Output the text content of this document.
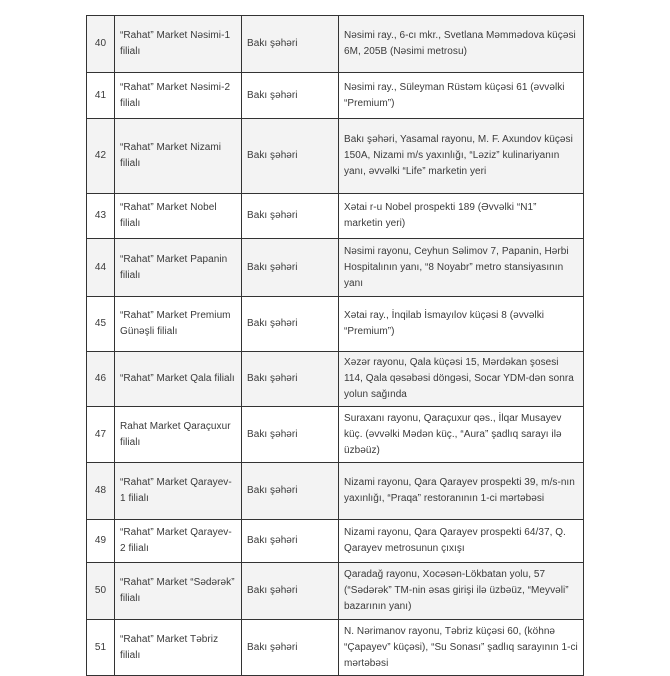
40	“Rahat” Market Nəsimi-1 filialı	Bakı şəhəri	Nəsimi ray., 6-cı mkr., Svetlana Məmmədova küçəsi 6M, 205B (Nəsimi metrosu)
41	“Rahat” Market Nəsimi-2 filialı	Bakı şəhəri	Nəsimi ray., Süleyman Rüstəm küçəsi 61 (əvvəlki “Premium”)
42	“Rahat” Market Nizami filialı	Bakı şəhəri	Bakı şəhəri, Yasamal rayonu, M. F. Axundov küçəsi 150A, Nizami m/s yaxınlığı, “Ləziz” kulinariyanın yanı, əvvəlki “Life” marketin yeri
43	“Rahat” Market Nobel filialı	Bakı şəhəri	Xətai r-u Nobel prospekti 189 (Əvvəlki “N1” marketin yeri)
44	“Rahat” Market Papanin filialı	Bakı şəhəri	Nəsimi rayonu, Ceyhun Səlimov 7, Papanin, Hərbi Hospitalının yanı, “8 Noyabr” metro stansiyasının yanı
45	“Rahat” Market Premium Günəşli filialı	Bakı şəhəri	Xətai ray., İnqilab İsmayılov küçəsi 8 (əvvəlki “Premium”)
46	“Rahat” Market Qala filialı	Bakı şəhəri	Xəzər rayonu, Qala küçəsi 15, Mərdəkan şosesi 114, Qala qəsəbəsi döngəsi, Socar YDM-dən sonra yolun sağında
47	Rahat Market Qaraçuxur filialı	Bakı şəhəri	Suraxanı rayonu, Qaraçuxur qəs., İlqar Musayev küç. (əvvəlki Mədən küç., “Aura” şadlıq sarayı ilə üzbəüz)
48	“Rahat” Market Qarayev-1 filialı	Bakı şəhəri	Nizami rayonu, Qara Qarayev prospekti 39, m/s-nın yaxınlığı, “Praqa” restoranının 1-ci mərtəbəsi
49	“Rahat” Market Qarayev-2 filialı	Bakı şəhəri	Nizami rayonu, Qara Qarayev prospekti 64/37, Q. Qarayev metrosunun çıxışı
50	“Rahat” Market “Sədərək” filialı	Bakı şəhəri	Qaradağ rayonu, Xocəsən-Lökbatan yolu, 57 (“Sədərək” TM-nin əsas girişi ilə üzbəüz, “Meyvəli” bazarının yanı)
51	“Rahat” Market Təbriz filialı	Bakı şəhəri	N. Nərimanov rayonu, Təbriz küçəsi 60, (köhnə “Çapayev” küçəsi), “Su Sonası” şadlıq sarayının 1-ci mərtəbəsi
